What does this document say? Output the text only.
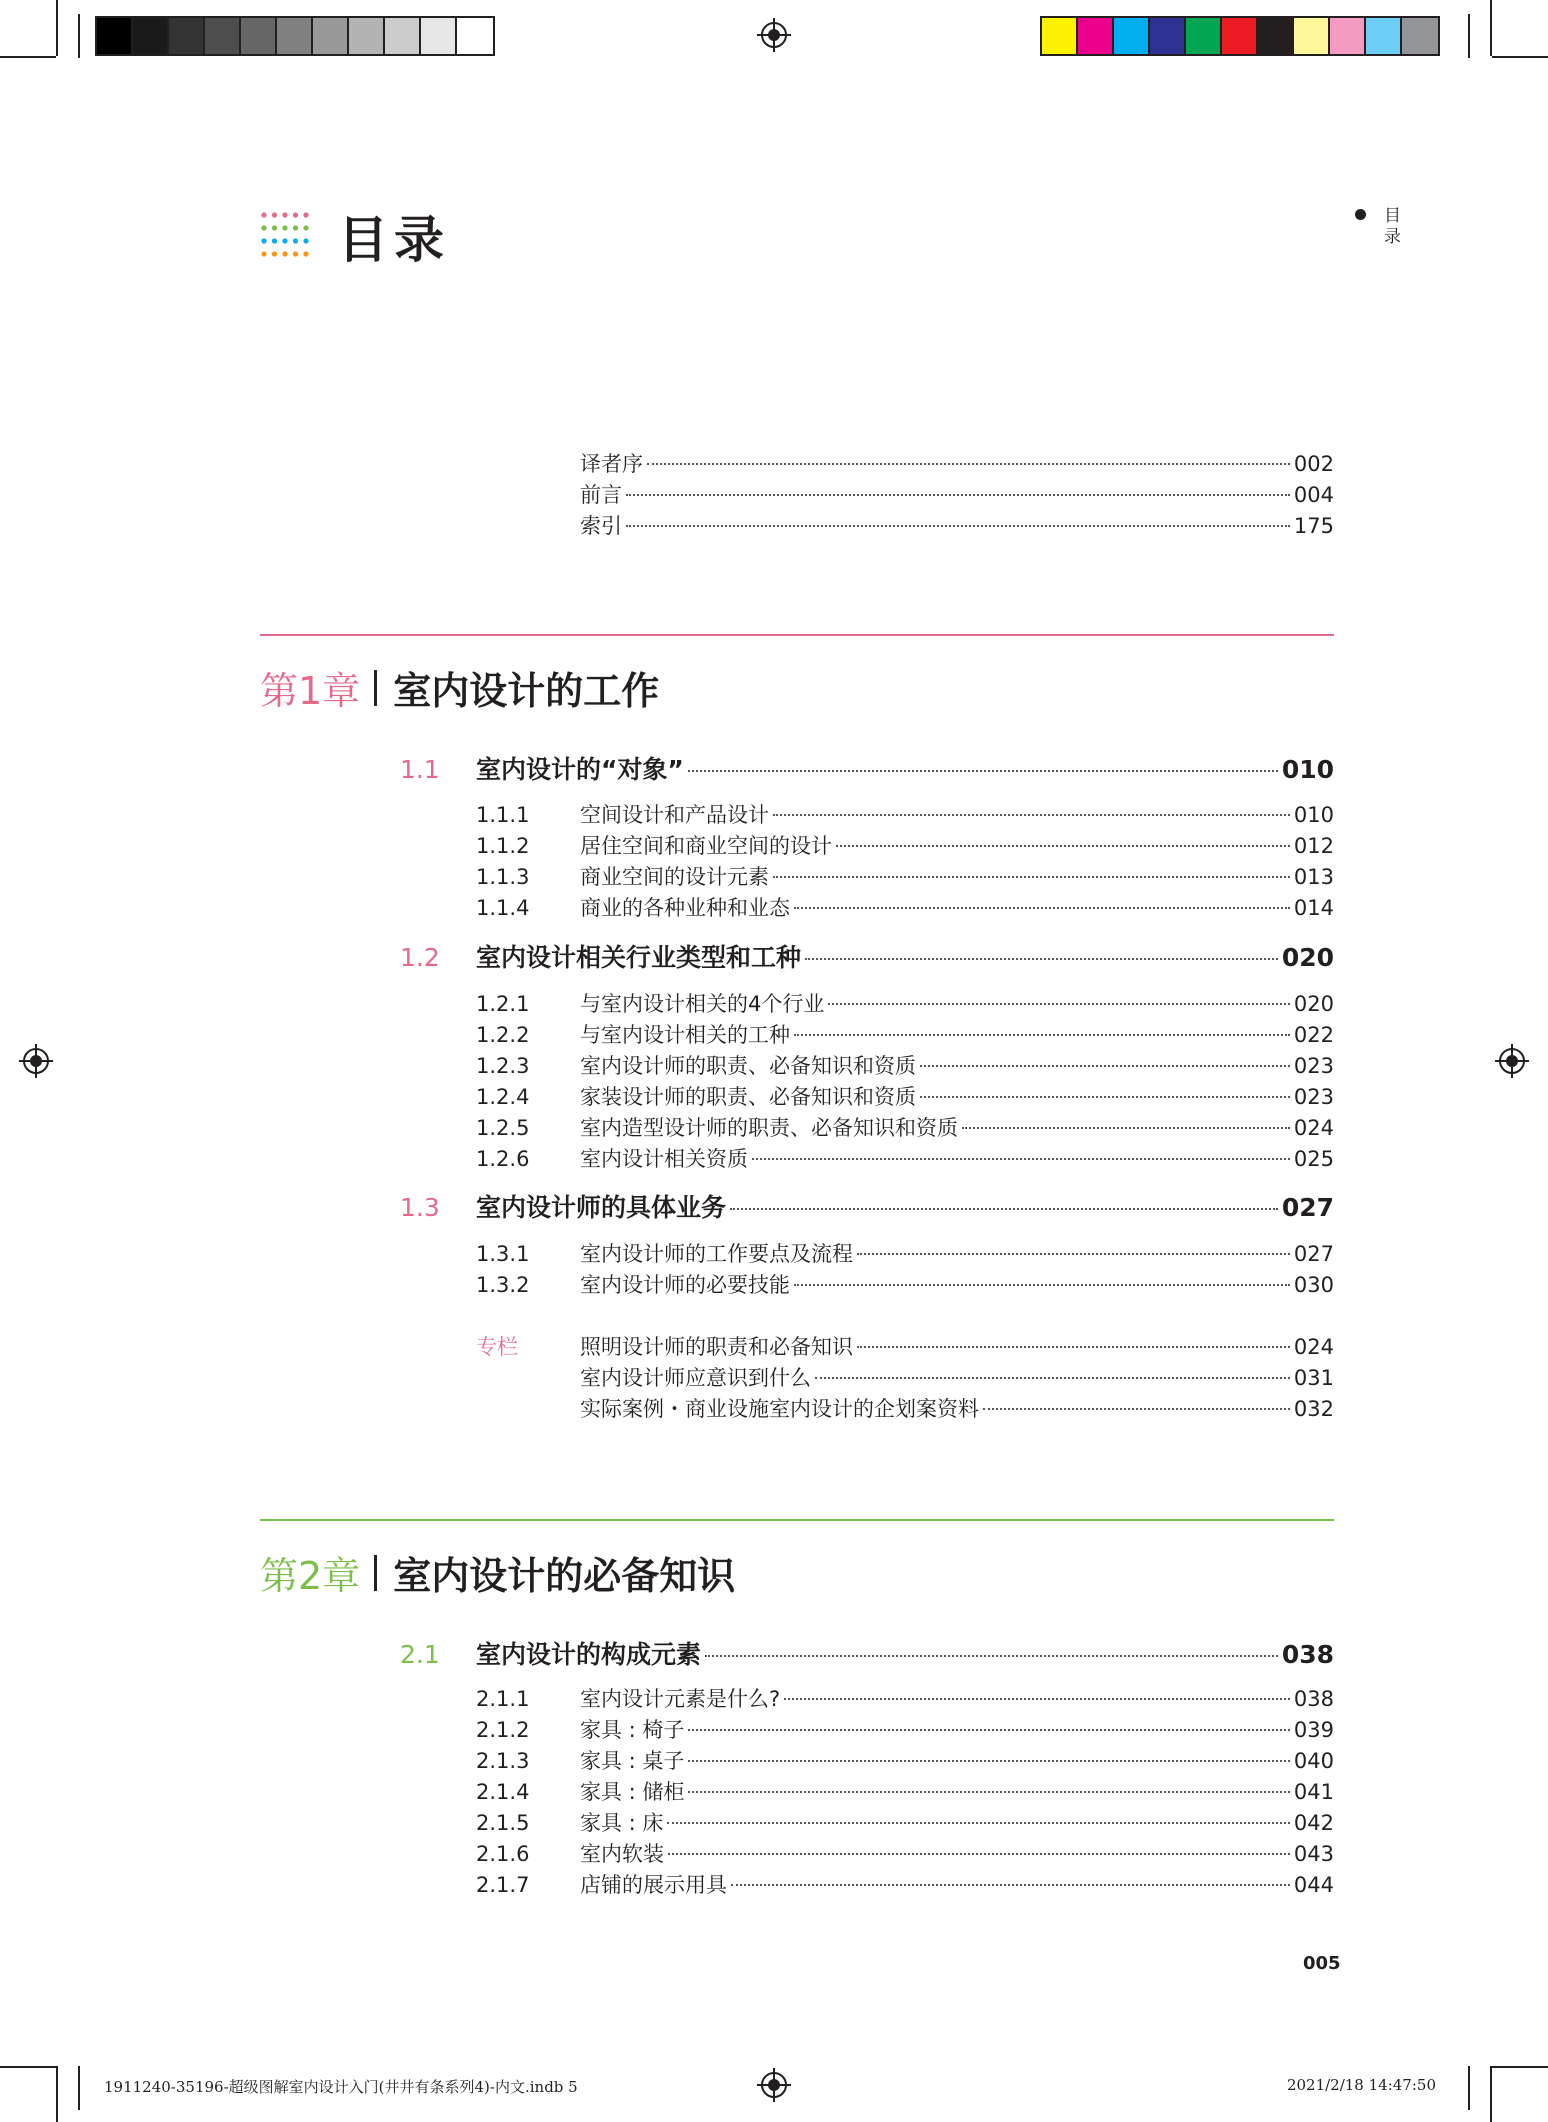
目录	目录
译者序	002
前言	004
索引	175
第1章 室内设计的工作
1.1	室内设计的“对象”	010
1.1.1	空间设计和产品设计	010
1.1.2	居住空间和商业空间的设计	012
1.1.3	商业空间的设计元素	013
1.1.4	商业的各种业种和业态	014
1.2	室内设计相关行业类型和工种	020
1.2.1	与室内设计相关的4个行业	020
1.2.2	与室内设计相关的工种	022
1.2.3	室内设计师的职责、必备知识和资质	023
1.2.4	家装设计师的职责、必备知识和资质	023
1.2.5	室内造型设计师的职责、必备知识和资质	024
1.2.6	室内设计相关资质	025
1.3	室内设计师的具体业务	027
1.3.1	室内设计师的工作要点及流程	027
1.3.2	室内设计师的必要技能	030
专栏	照明设计师的职责和必备知识	024
室内设计师应意识到什么	031
实际案例・商业设施室内设计的企划案资料	032
第2章 室内设计的必备知识
2.1	室内设计的构成元素	038
2.1.1	室内设计元素是什么?	038
2.1.2	家具 : 椅子	039
2.1.3	家具 : 桌子	040
2.1.4	家具 : 储柜	041
2.1.5	家具 : 床	042
2.1.6	室内软装	043
2.1.7	店铺的展示用具	044
005
1911240-35196-超级图解室内设计入门(井井有条系列4)-内文.indb 5	2021/2/18 14:47:50
